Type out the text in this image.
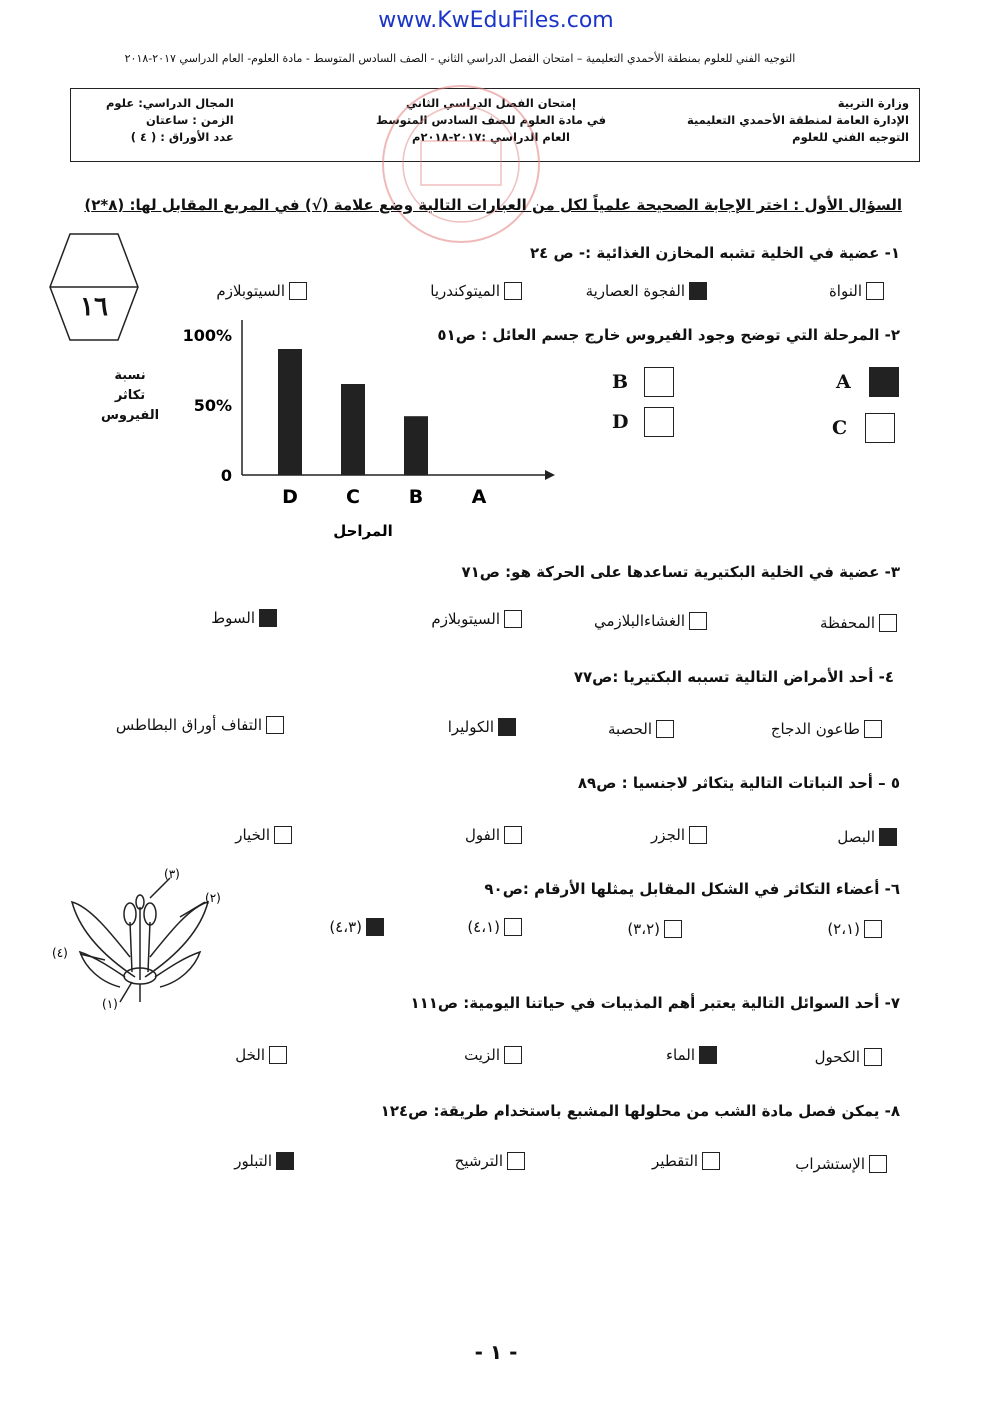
www.KwEduFiles.com
التوجيه الفني للعلوم بمنطقة الأحمدي التعليمية – امتحان الفصل الدراسي الثاني - الصف السادس المتوسط - مادة العلوم- العام الدراسي ٢٠١٧-٢٠١٨
وزارة التربية
الإدارة العامة لمنطقة الأحمدي التعليمية
التوجيه الفني للعلوم
إمتحان الفصل الدراسي الثاني
في مادة العلوم للصف السادس المتوسط
العام الدراسي :٢٠١٧-٢٠١٨م
المجال الدراسي: علوم
الزمن : ساعتان
عدد الأوراق : ( ٤ )
السؤال الأول : اختر الإجابة الصحيحة علمياً لكل من العبارات التالية وضع علامة (√) في المربع المقابل لها: (٨*٢)
١٦
١- عضية في الخلية تشبه المخازن الغذائية :- ص ٢٤
النواة
الفجوة العصارية
الميتوكندريا
السيتوبلازم
٢- المرحلة التي توضح وجود الفيروس خارج جسم العائل : ص٥١
A
B
C
D
نسبة تكاثر الفيروس
0
50%
100%
D	C	B	A
المراحل
٣- عضية في الخلية البكتيرية تساعدها على الحركة هو: ص٧١
المحفظة
الغشاءالبلازمي
السيتوبلازم
السوط
٤- أحد الأمراض التالية تسببه البكتيريا :ص٧٧
طاعون الدجاج
الحصبة
الكوليرا
التفاف أوراق البطاطس
٥ – أحد النباتات التالية يتكاثر لاجنسيا : ص٨٩
البصل
الجزر
الفول
الخيار
(٣)
(٢)
(٤)
(١)
٦- أعضاء التكاثر في الشكل المقابل يمثلها الأرقام :ص٩٠
(٢،١)
(٣،٢)
(٤،١)
(٤،٣)
٧- أحد السوائل التالية يعتبر أهم المذيبات في حياتنا اليومية: ص١١١
الكحول
الماء
الزيت
الخل
٨- يمكن فصل مادة الشب من محلولها المشبع باستخدام طريقة: ص١٢٤
الإستشراب
التقطير
الترشيح
التبلور
- ١ -
